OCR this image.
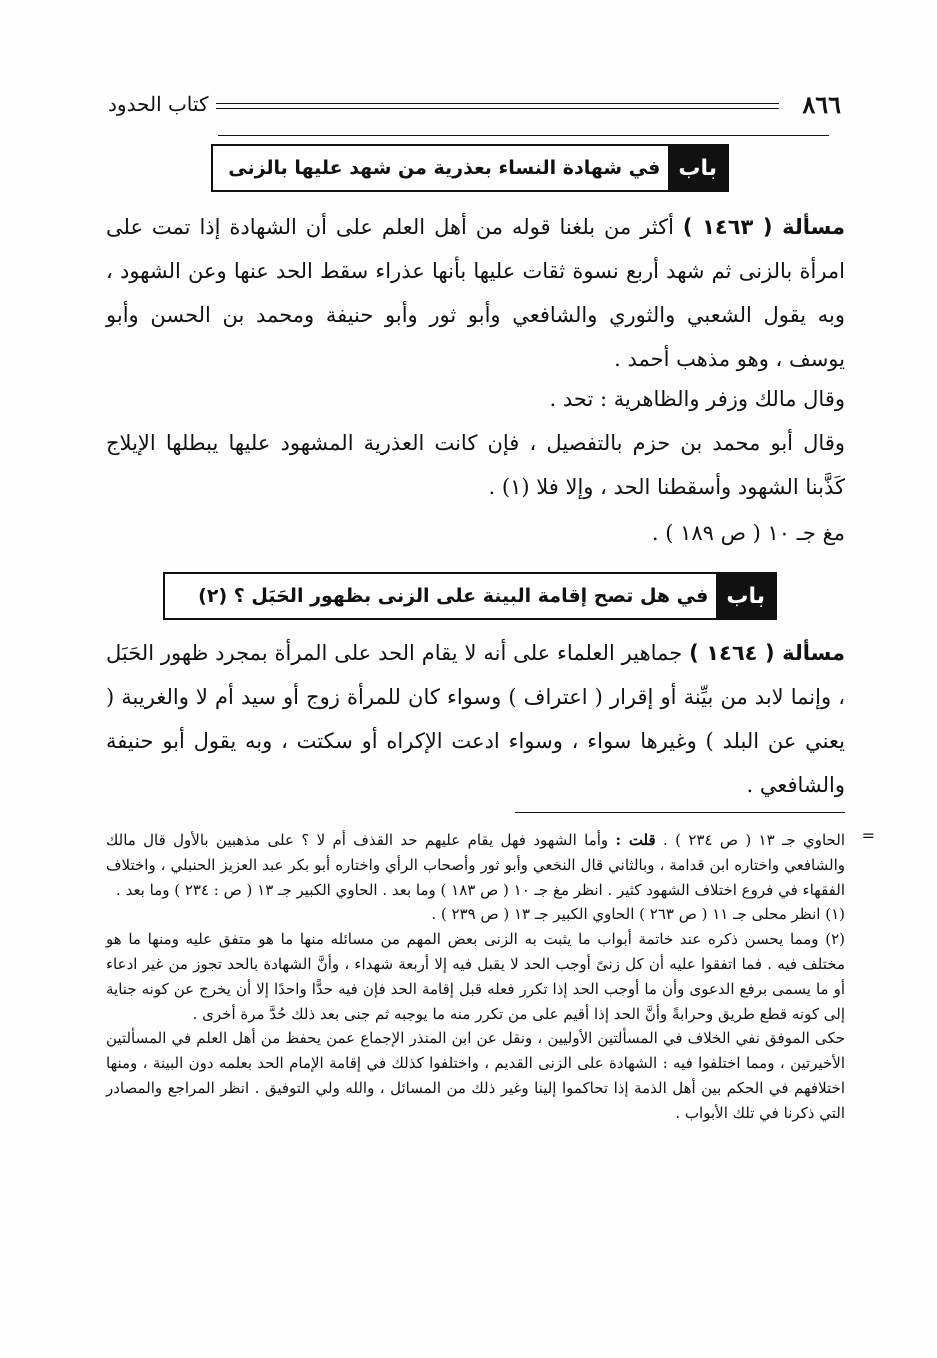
٨٦٦
كتاب الحدود
باب
في شهادة النساء بعذرية من شهد عليها بالزنى

مسألة ( ١٤٦٣ ) أكثر من بلغنا قوله من أهل العلم على أن الشهادة إذا تمت على امرأة بالزنى ثم شهد أربع نسوة ثقات عليها بأنها عذراء سقط الحد عنها وعن الشهود ، وبه يقول الشعبي والثوري والشافعي وأبو ثور وأبو حنيفة ومحمد بن الحسن وأبو يوسف ، وهو مذهب أحمد .

وقال مالك وزفر والظاهرية : تحد .

وقال أبو محمد بن حزم بالتفصيل ، فإن كانت العذرية المشهود عليها يبطلها الإيلاج كَذَّبنا الشهود وأسقطنا الحد ، وإلا فلا (١) .

مغ جـ ١٠ ( ص ١٨٩ ) .

باب
في هل تصح إقامة البينة على الزنى بظهور الحَبَل ؟ (٢)

مسألة ( ١٤٦٤ ) جماهير العلماء على أنه لا يقام الحد على المرأة بمجرد ظهور الحَبَل ، وإنما لابد من بيِّنة أو إقرار ( اعتراف ) وسواء كان للمرأة زوج أو سيد أم لا والغريبة ( يعني عن البلد ) وغيرها سواء ، وسواء ادعت الإكراه أو سكتت ، وبه يقول أبو حنيفة والشافعي .

=

الحاوي جـ ١٣ ( ص ٢٣٤ ) . قلت : وأما الشهود فهل يقام عليهم حد القذف أم لا ؟ على مذهبين بالأول قال مالك والشافعي واختاره ابن قدامة ، وبالثاني قال النخعي وأبو ثور وأصحاب الرأي واختاره أبو بكر عبد العزيز الحنبلي ، واختلاف الفقهاء في فروع اختلاف الشهود كثير . انظر مغ جـ ١٠ ( ص ١٨٣ ) وما بعد . الحاوي الكبير جـ ١٣ ( ص : ٢٣٤ ) وما بعد .

(١) انظر محلى جـ ١١ ( ص ٢٦٣ ) الحاوي الكبير جـ ١٣ ( ص ٢٣٩ ) .

(٢) ومما يحسن ذكره عند خاتمة أبواب ما يثبت به الزنى بعض المهم من مسائله منها ما هو متفق عليه ومنها ما هو مختلف فيه . فما اتفقوا عليه أن كل زنىً أوجب الحد لا يقبل فيه إلا أربعة شهداء ، وأنَّ الشهادة بالحد تجوز من غير ادعاء أو ما يسمى برفع الدعوى وأن ما أوجب الحد إذا تكرر فعله قبل إقامة الحد فإن فيه حدًّا واحدًا إلا أن يخرج عن كونه جناية إلى كونه قطع طريق وحرابةً وأنَّ الحد إذا أقيم على من تكرر منه ما يوجبه ثم جنى بعد ذلك حُدَّ مرة أخرى .

حكى الموفق نفي الخلاف في المسألتين الأوليين ، ونقل عن ابن المنذر الإجماع عمن يحفظ من أهل العلم في المسألتين الأخيرتين ، ومما اختلفوا فيه : الشهادة على الزنى القديم ، واختلفوا كذلك في إقامة الإمام الحد بعلمه دون البينة ، ومنها اختلافهم في الحكم بين أهل الذمة إذا تحاكموا إلينا وغير ذلك من المسائل ، والله ولي التوفيق . انظر المراجع والمصادر التي ذكرنا في تلك الأبواب .
